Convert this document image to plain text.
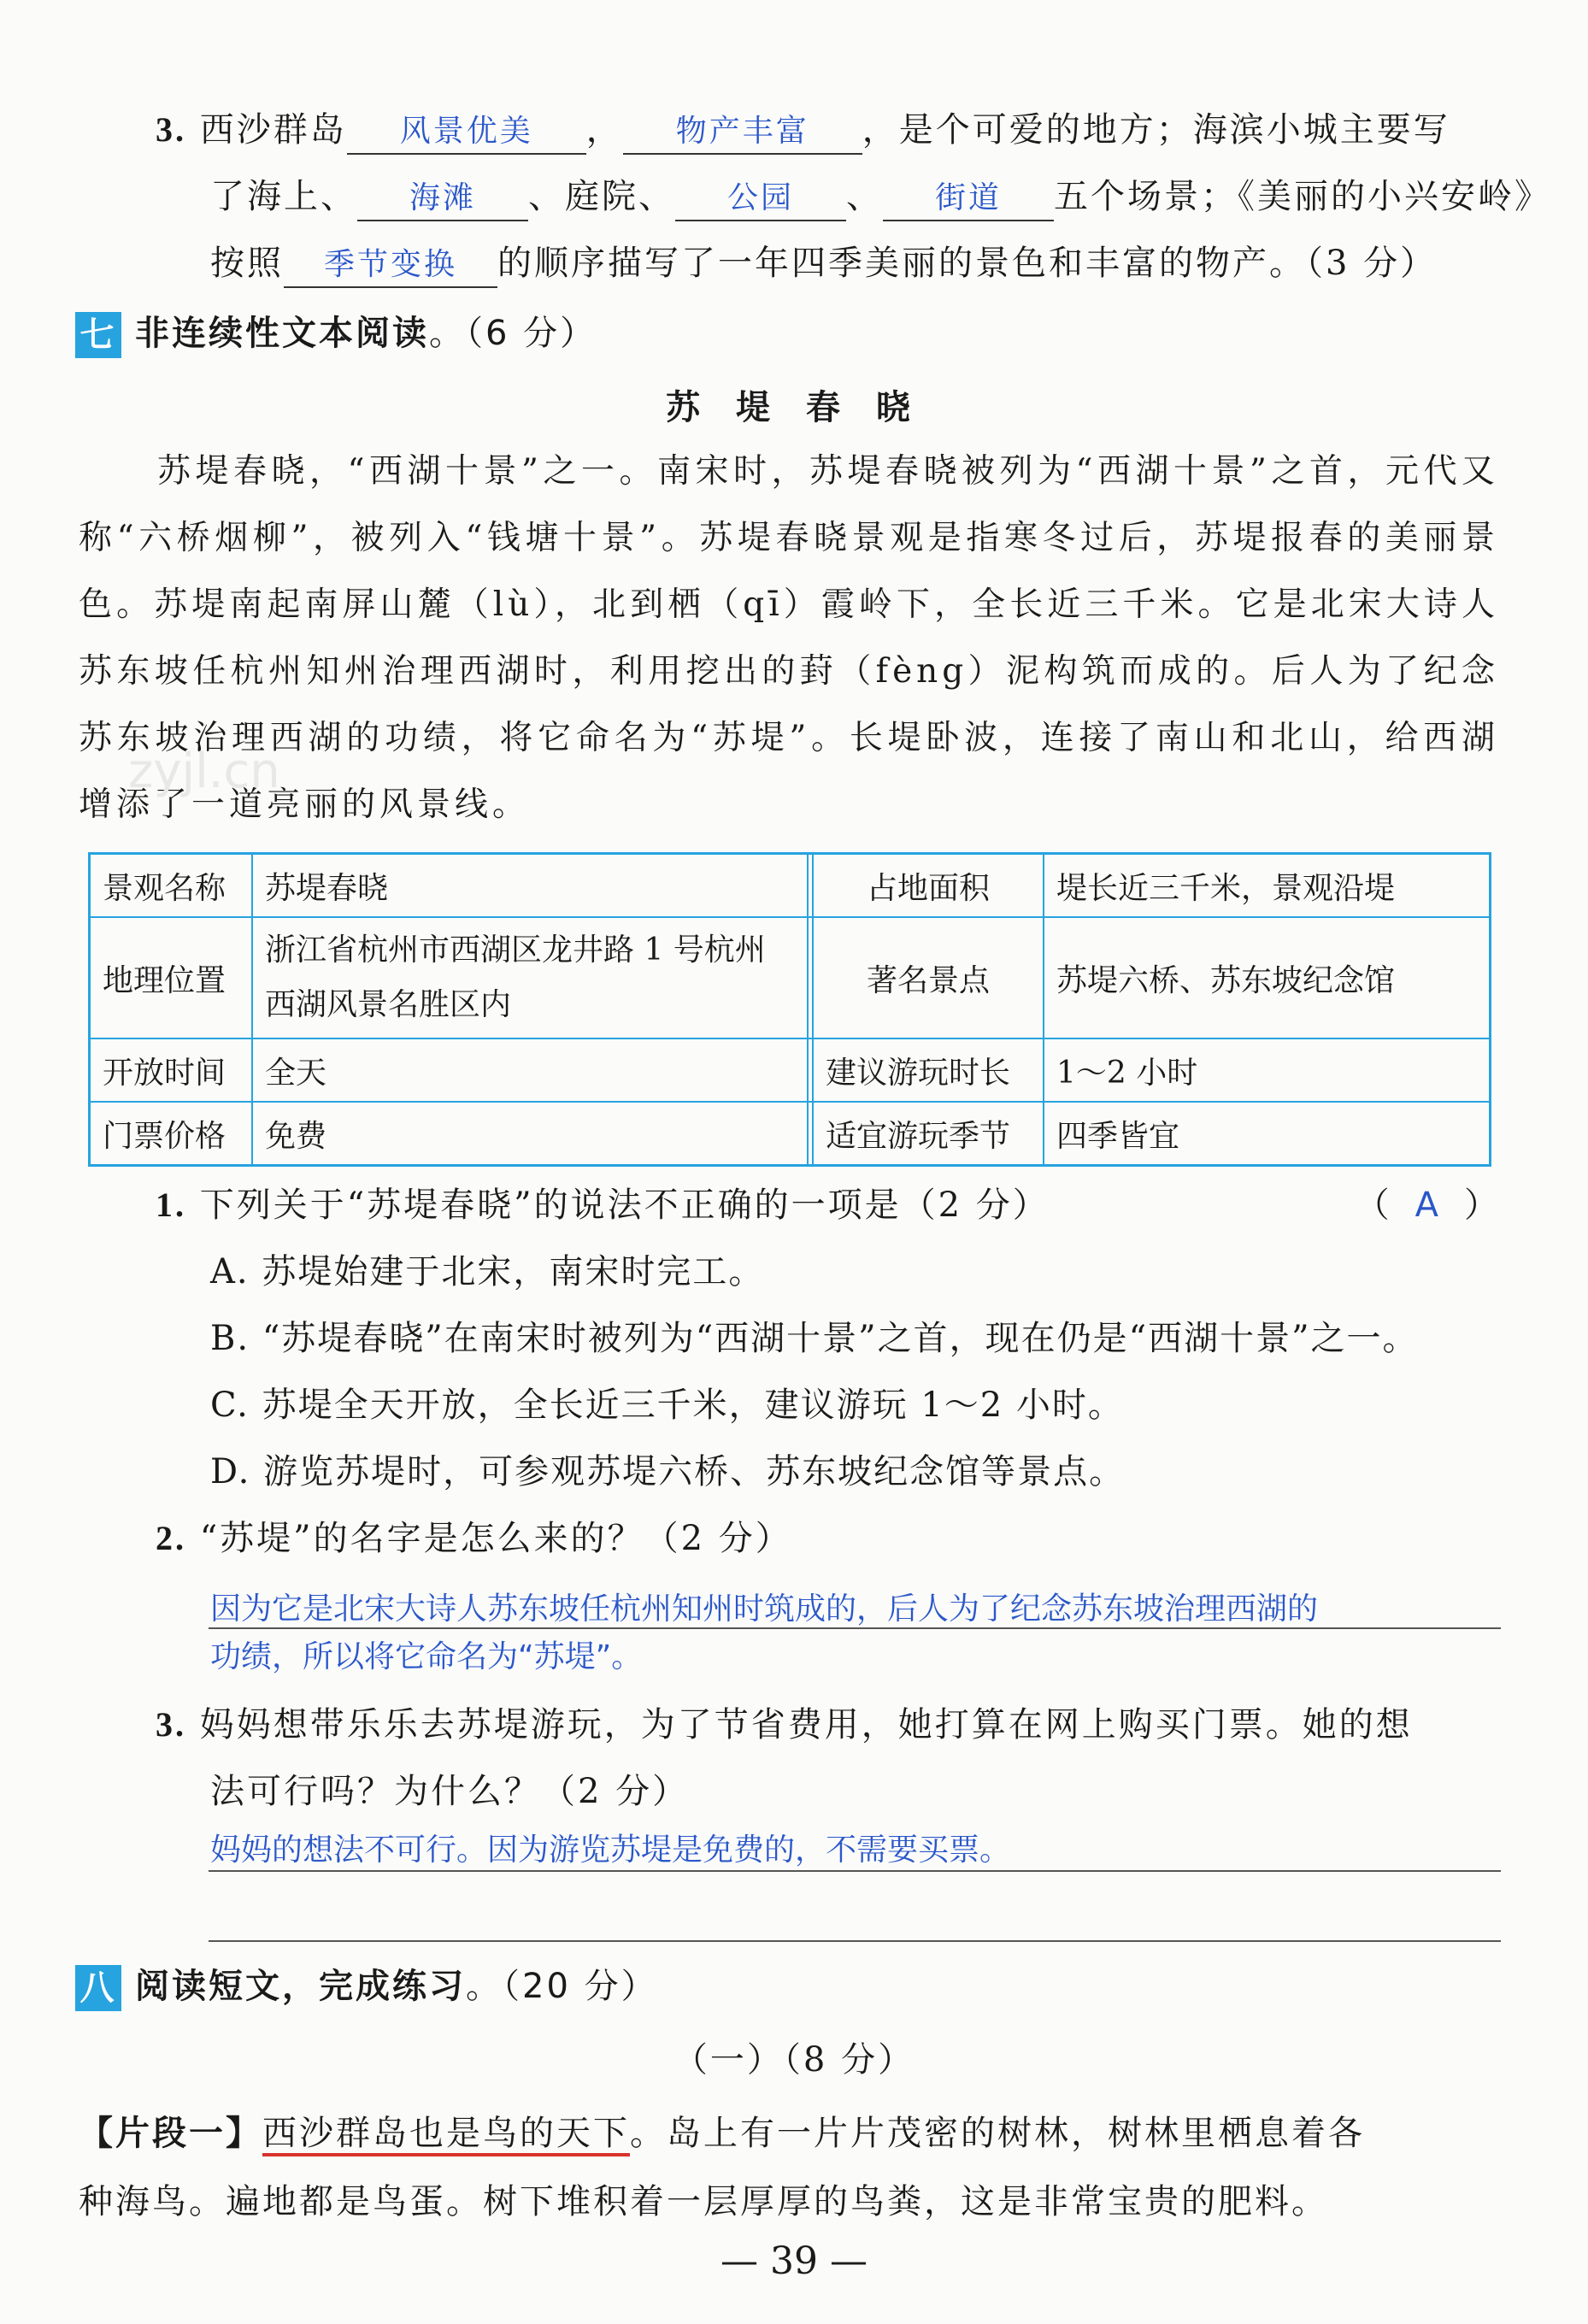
3. 西沙群岛 风景优美 ， 物产丰富 ，是个可爱的地方；海滨小城主要写
了海上、 海滩 、庭院、 公园 、 街道 五个场景；《美丽的小兴安岭》
按照 季节变换 的顺序描写了一年四季美丽的景色和丰富的物产。（3 分）
七 非连续性文本阅读。（6 分）
苏 堤 春 晓

苏堤春晓，“西湖十景”之一。南宋时，苏堤春晓被列为“西湖十景”之首，元代又称“六桥烟柳”，被列入“钱塘十景”。苏堤春晓景观是指寒冬过后，苏堤报春的美丽景色。苏堤南起南屏山麓（lù），北到栖（qī）霞岭下，全长近三千米。它是北宋大诗人苏东坡任杭州知州治理西湖时，利用挖出的葑（fèng）泥构筑而成的。后人为了纪念苏东坡治理西湖的功绩，将它命名为“苏堤”。长堤卧波，连接了南山和北山，给西湖增添了一道亮丽的风景线。

zyjl.cn
景观名称	苏堤春晓		占地面积	堤长近三千米，景观沿堤
地理位置	浙江省杭州市西湖区龙井路 1 号杭州西湖风景名胜区内		著名景点	苏堤六桥、苏东坡纪念馆
开放时间	全天		建议游玩时长	1～2 小时
门票价格	免费		适宜游玩季节	四季皆宜
1. 下列关于“苏堤春晓”的说法不正确的一项是（2 分）	（ A ）
A. 苏堤始建于北宋，南宋时完工。
B. “苏堤春晓”在南宋时被列为“西湖十景”之首，现在仍是“西湖十景”之一。
C. 苏堤全天开放，全长近三千米，建议游玩 1～2 小时。
D. 游览苏堤时，可参观苏堤六桥、苏东坡纪念馆等景点。
2. “苏堤”的名字是怎么来的？（2 分）
因为它是北宋大诗人苏东坡任杭州知州时筑成的，后人为了纪念苏东坡治理西湖的
功绩，所以将它命名为“苏堤”。
3. 妈妈想带乐乐去苏堤游玩，为了节省费用，她打算在网上购买门票。她的想
法可行吗？为什么？（2 分）
妈妈的想法不可行。因为游览苏堤是免费的，不需要买票。
八 阅读短文，完成练习。（20 分）
（一）（8 分）
【片段一】西沙群岛也是鸟的天下。岛上有一片片茂密的树林，树林里栖息着各
种海鸟。遍地都是鸟蛋。树下堆积着一层厚厚的鸟粪，这是非常宝贵的肥料。
— 39 —
